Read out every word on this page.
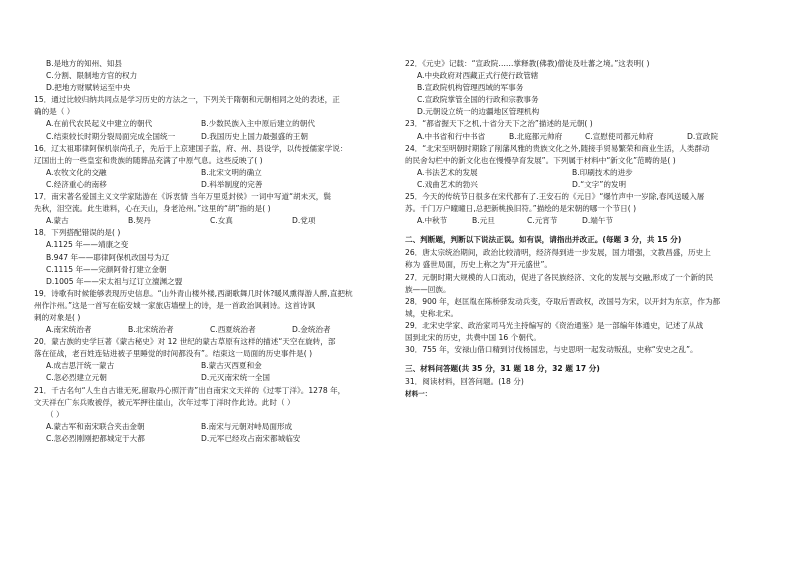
B.是地方的知州、知县
C.分割、限制地方官的权力
D.把地方财赋转运至中央
15．通过比较归纳共同点是学习历史的方法之一，下列关于隋朝和元朝相同之处的表述，正
确的是（ ）
A.在前代农民起义中建立的朝代	B.少数民族入主中原后建立的朝代
C.结束较长时期分裂局面完成全国统一	D.我国历史上国力最强盛的王朝
16．辽太祖耶律阿保机崇尚孔子，先后于上京建国子监，府、州、县设学，以传授儒家学说：
辽国出土的一些皇室和贵族的随葬品充满了中原气息。这些反映了( )
A.农牧文化的交融	B.北宋文明的确立
C.经济重心的南移	D.科举制度的完善
17．南宋著名爱国主义文学家陆游在《诉衷情 当年万里觅封侯》一词中写道“胡未灭，鬓
先秋，泪空流。此生谁料，心在天山，身老沧州。”这里的“胡”指的是( )
A.蒙古	B.契丹	C.女真	D.党项
18．下列搭配错误的是( )
A.1125 年——靖康之变
B.947 年——耶律阿保机改国号为辽
C.1115 年——完颜阿骨打建立金朝
D.1005 年——宋太祖与辽订立澶渊之盟
19．诗歌有时候能够表现历史信息。“山外青山楼外楼,西湖歌舞几时休?暖风熏得游人醉,直把杭
州作汴州。”这是一首写在临安城一家旅店墙壁上的诗，是一首政治讽刺诗。这首诗讽
刺的对象是( )
A.南宋统治者	B.北宋统治者	C.西夏统治者	D.金统治者
20．蒙古族的史学巨著《蒙古秘史》对 12 世纪的蒙古草原有这样的描述“天空在旋转，部
落在征战，老百姓连钻进被子里睡觉的时间都没有”。结束这一局面的历史事件是( )
A.成吉思汗统一蒙古	B.蒙古灭西夏和金
C.忽必烈建立元朝	D.元灭南宋统一全国
21．千古名句“人生自古谁无死,留取丹心照汗青”出自南宋文天祥的《过零丁洋》。1278 年，
文天祥在广东兵败被俘，被元军押往崖山，次年过零丁洋时作此诗。此时（ ）
（ ）
A.蒙古军和南宋联合夹击金朝	B.南宋与元朝对峙局面形成
C.忽必烈刚刚把都城定于大都	D.元军已经攻占南宋都城临安
22．《元史》记载：“宣政院……掌释教(佛教)僧徒及吐蕃之境。”这表明( )
A.中央政府对西藏正式行使行政管辖
B.宣政院机构管理西域的军事务
C.宣政院掌管全国的行政和宗教事务
D.元朝设立统一的边疆地区管理机构
23．“都省握天下之机,十省分天下之治”描述的是元朝( )
A.中书省和行中书省	B.北庭都元帅府	C.宣慰使司都元帅府	D.宣政院
24．“北宋至明朝时期除了削藩风雅的贵族文化之外,随接手贸易繁荣和商业生活，人类群动
的民舍勾栏中的新文化也在慢慢孕育发展”。下列属于材料中“新文化”范畴的是( )
A.书法艺术的发展	B.印刷技术的进步
C.戏曲艺术的勃兴	D.“文字”的发明
25．今天的传统节日很多在宋代都有了.王安石的《元日》“爆竹声中一岁除,春风送暖入屠
苏。千门万户曈曈日,总把新桃换旧符。”描绘的是宋朝的哪一个节日( )
A.中秋节	B.元旦	C.元宵节	D.端午节
二、判断题，判断以下说法正误。如有误，请指出并改正。(每题 3 分，共 15 分)
26．唐太宗统治期间，政治比较清明，经济得到进一步发展，国力增强，文教昌盛，历史上
称为 盛世局面，历史上称之为“开元盛世”。
27．元朝时期大规模的人口流动，促进了各民族经济、文化的发展与交融,形成了一个新的民
族——回族。
28．900 年，赵匡胤在陈桥驿发动兵变，夺取后晋政权，改国号为宋，以开封为东京，作为都
城，史称北宋。
29．北宋史学家、政治家司马光主持编写的《资治通鉴》是一部编年体通史，记述了从战
国到北宋的历史，共费中国 16 个朝代。
30．755 年，安禄山借口精到讨伐杨国忠，与史思明一起发动叛乱，史称“安史之乱”。
三、材料问答题(共 35 分，31 题 18 分，32 题 17 分)
31．阅读材料，回答问题。(18 分)
材料一：
